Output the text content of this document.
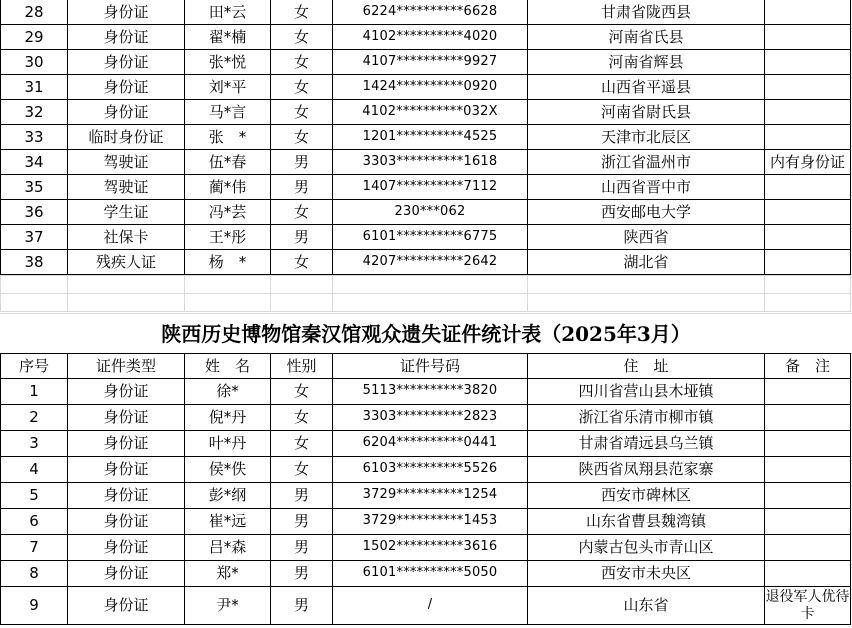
28	身份证	田*云	女	6224**********6628	甘肃省陇西县	
29	身份证	翟*楠	女	4102**********4020	河南省氏县	
30	身份证	张*悦	女	4107**********9927	河南省辉县	
31	身份证	刘*平	女	1424**********0920	山西省平遥县	
32	身份证	马*言	女	4102**********032X	河南省尉氏县	
33	临时身份证	张　*	女	1201**********4525	天津市北辰区	
34	驾驶证	伍*春	男	3303**********1618	浙江省温州市	内有身份证
35	驾驶证	蔺*伟	男	1407**********7112	山西省晋中市	
36	学生证	冯*芸	女	230***062	西安邮电大学	
37	社保卡	王*彤	男	6101**********6775	陕西省	
38	残疾人证	杨　*	女	4207**********2642	湖北省	

陕西历史博物馆秦汉馆观众遗失证件统计表（2025年3月）
序号	证件类型	姓　名	性别	证件号码	住　址	备　注
1	身份证	徐*	女	5113**********3820	四川省营山县木垭镇	
2	身份证	倪*丹	女	3303**********2823	浙江省乐清市柳市镇	
3	身份证	叶*丹	女	6204**********0441	甘肃省靖远县乌兰镇	
4	身份证	侯*佚	女	6103**********5526	陕西省凤翔县范家寨	
5	身份证	彭*纲	男	3729**********1254	西安市碑林区	
6	身份证	崔*远	男	3729**********1453	山东省曹县魏湾镇	
7	身份证	吕*森	男	1502**********3616	内蒙古包头市青山区	
8	身份证	郑*	男	6101**********5050	西安市未央区	
9	身份证	尹*	男	/	山东省	退役军人优待卡
